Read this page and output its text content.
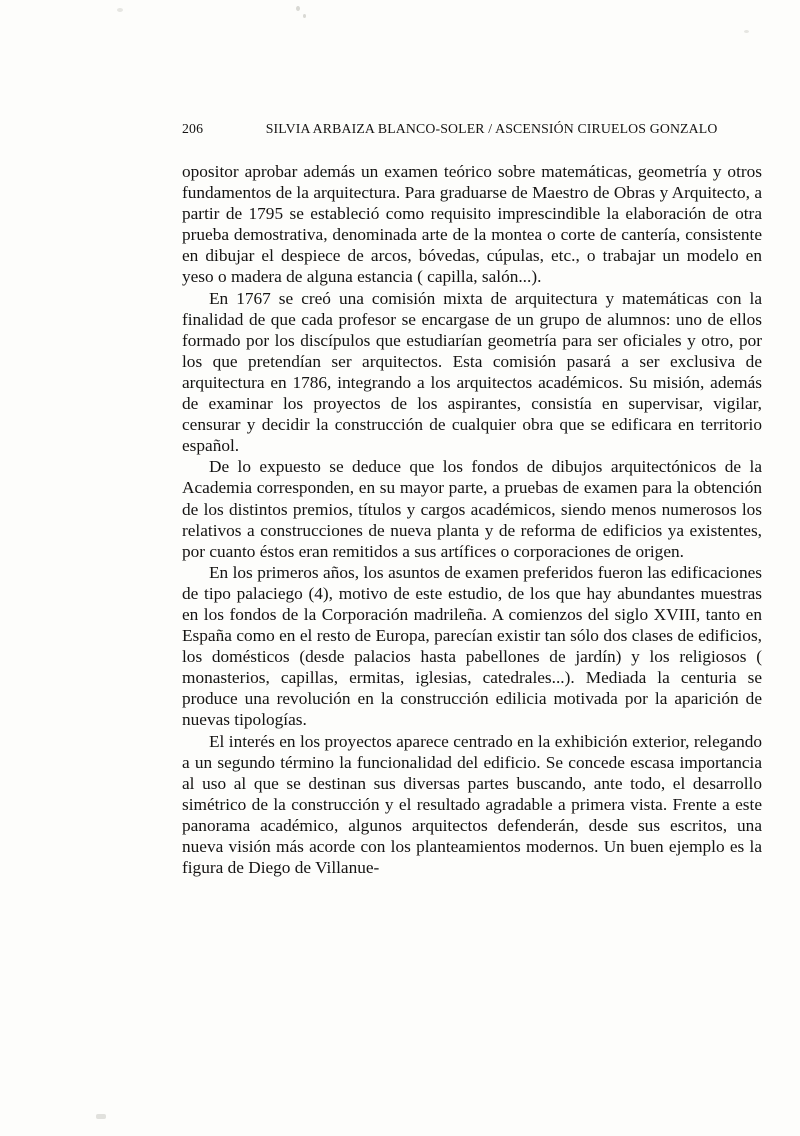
206	SILVIA ARBAIZA BLANCO-SOLER / ASCENSIÓN CIRUELOS GONZALO

opositor aprobar además un examen teórico sobre matemáticas, geometría y otros fundamentos de la arquitectura. Para graduarse de Maestro de Obras y Arquitecto, a partir de 1795 se estableció como requisito imprescindible la elaboración de otra prueba demostrativa, denominada arte de la montea o corte de cantería, consistente en dibujar el despiece de arcos, bóvedas, cúpulas, etc., o trabajar un modelo en yeso o madera de alguna estancia ( capilla, salón...).

En 1767 se creó una comisión mixta de arquitectura y matemáticas con la finalidad de que cada profesor se encargase de un grupo de alumnos: uno de ellos formado por los discípulos que estudiarían geometría para ser oficiales y otro, por los que pretendían ser arquitectos. Esta comisión pasará a ser exclusiva de arquitectura en 1786, integrando a los arquitectos académicos. Su misión, además de examinar los proyectos de los aspirantes, consistía en supervisar, vigilar, censurar y decidir la construcción de cualquier obra que se edificara en territorio español.

De lo expuesto se deduce que los fondos de dibujos arquitectónicos de la Academia corresponden, en su mayor parte, a pruebas de examen para la obtención de los distintos premios, títulos y cargos académicos, siendo menos numerosos los relativos a construcciones de nueva planta y de reforma de edificios ya existentes, por cuanto éstos eran remitidos a sus artífices o corporaciones de origen.

En los primeros años, los asuntos de examen preferidos fueron las edificaciones de tipo palaciego (4), motivo de este estudio, de los que hay abundantes muestras en los fondos de la Corporación madrileña. A comienzos del siglo XVIII, tanto en España como en el resto de Europa, parecían existir tan sólo dos clases de edificios, los domésticos (desde palacios hasta pabellones de jardín) y los religiosos ( monasterios, capillas, ermitas, iglesias, catedrales...). Mediada la centuria se produce una revolución en la construcción edilicia motivada por la aparición de nuevas tipologías.

El interés en los proyectos aparece centrado en la exhibición exterior, relegando a un segundo término la funcionalidad del edificio. Se concede escasa importancia al uso al que se destinan sus diversas partes buscando, ante todo, el desarrollo simétrico de la construcción y el resultado agradable a primera vista. Frente a este panorama académico, algunos arquitectos defenderán, desde sus escritos, una nueva visión más acorde con los planteamientos modernos. Un buen ejemplo es la figura de Diego de Villanue-
